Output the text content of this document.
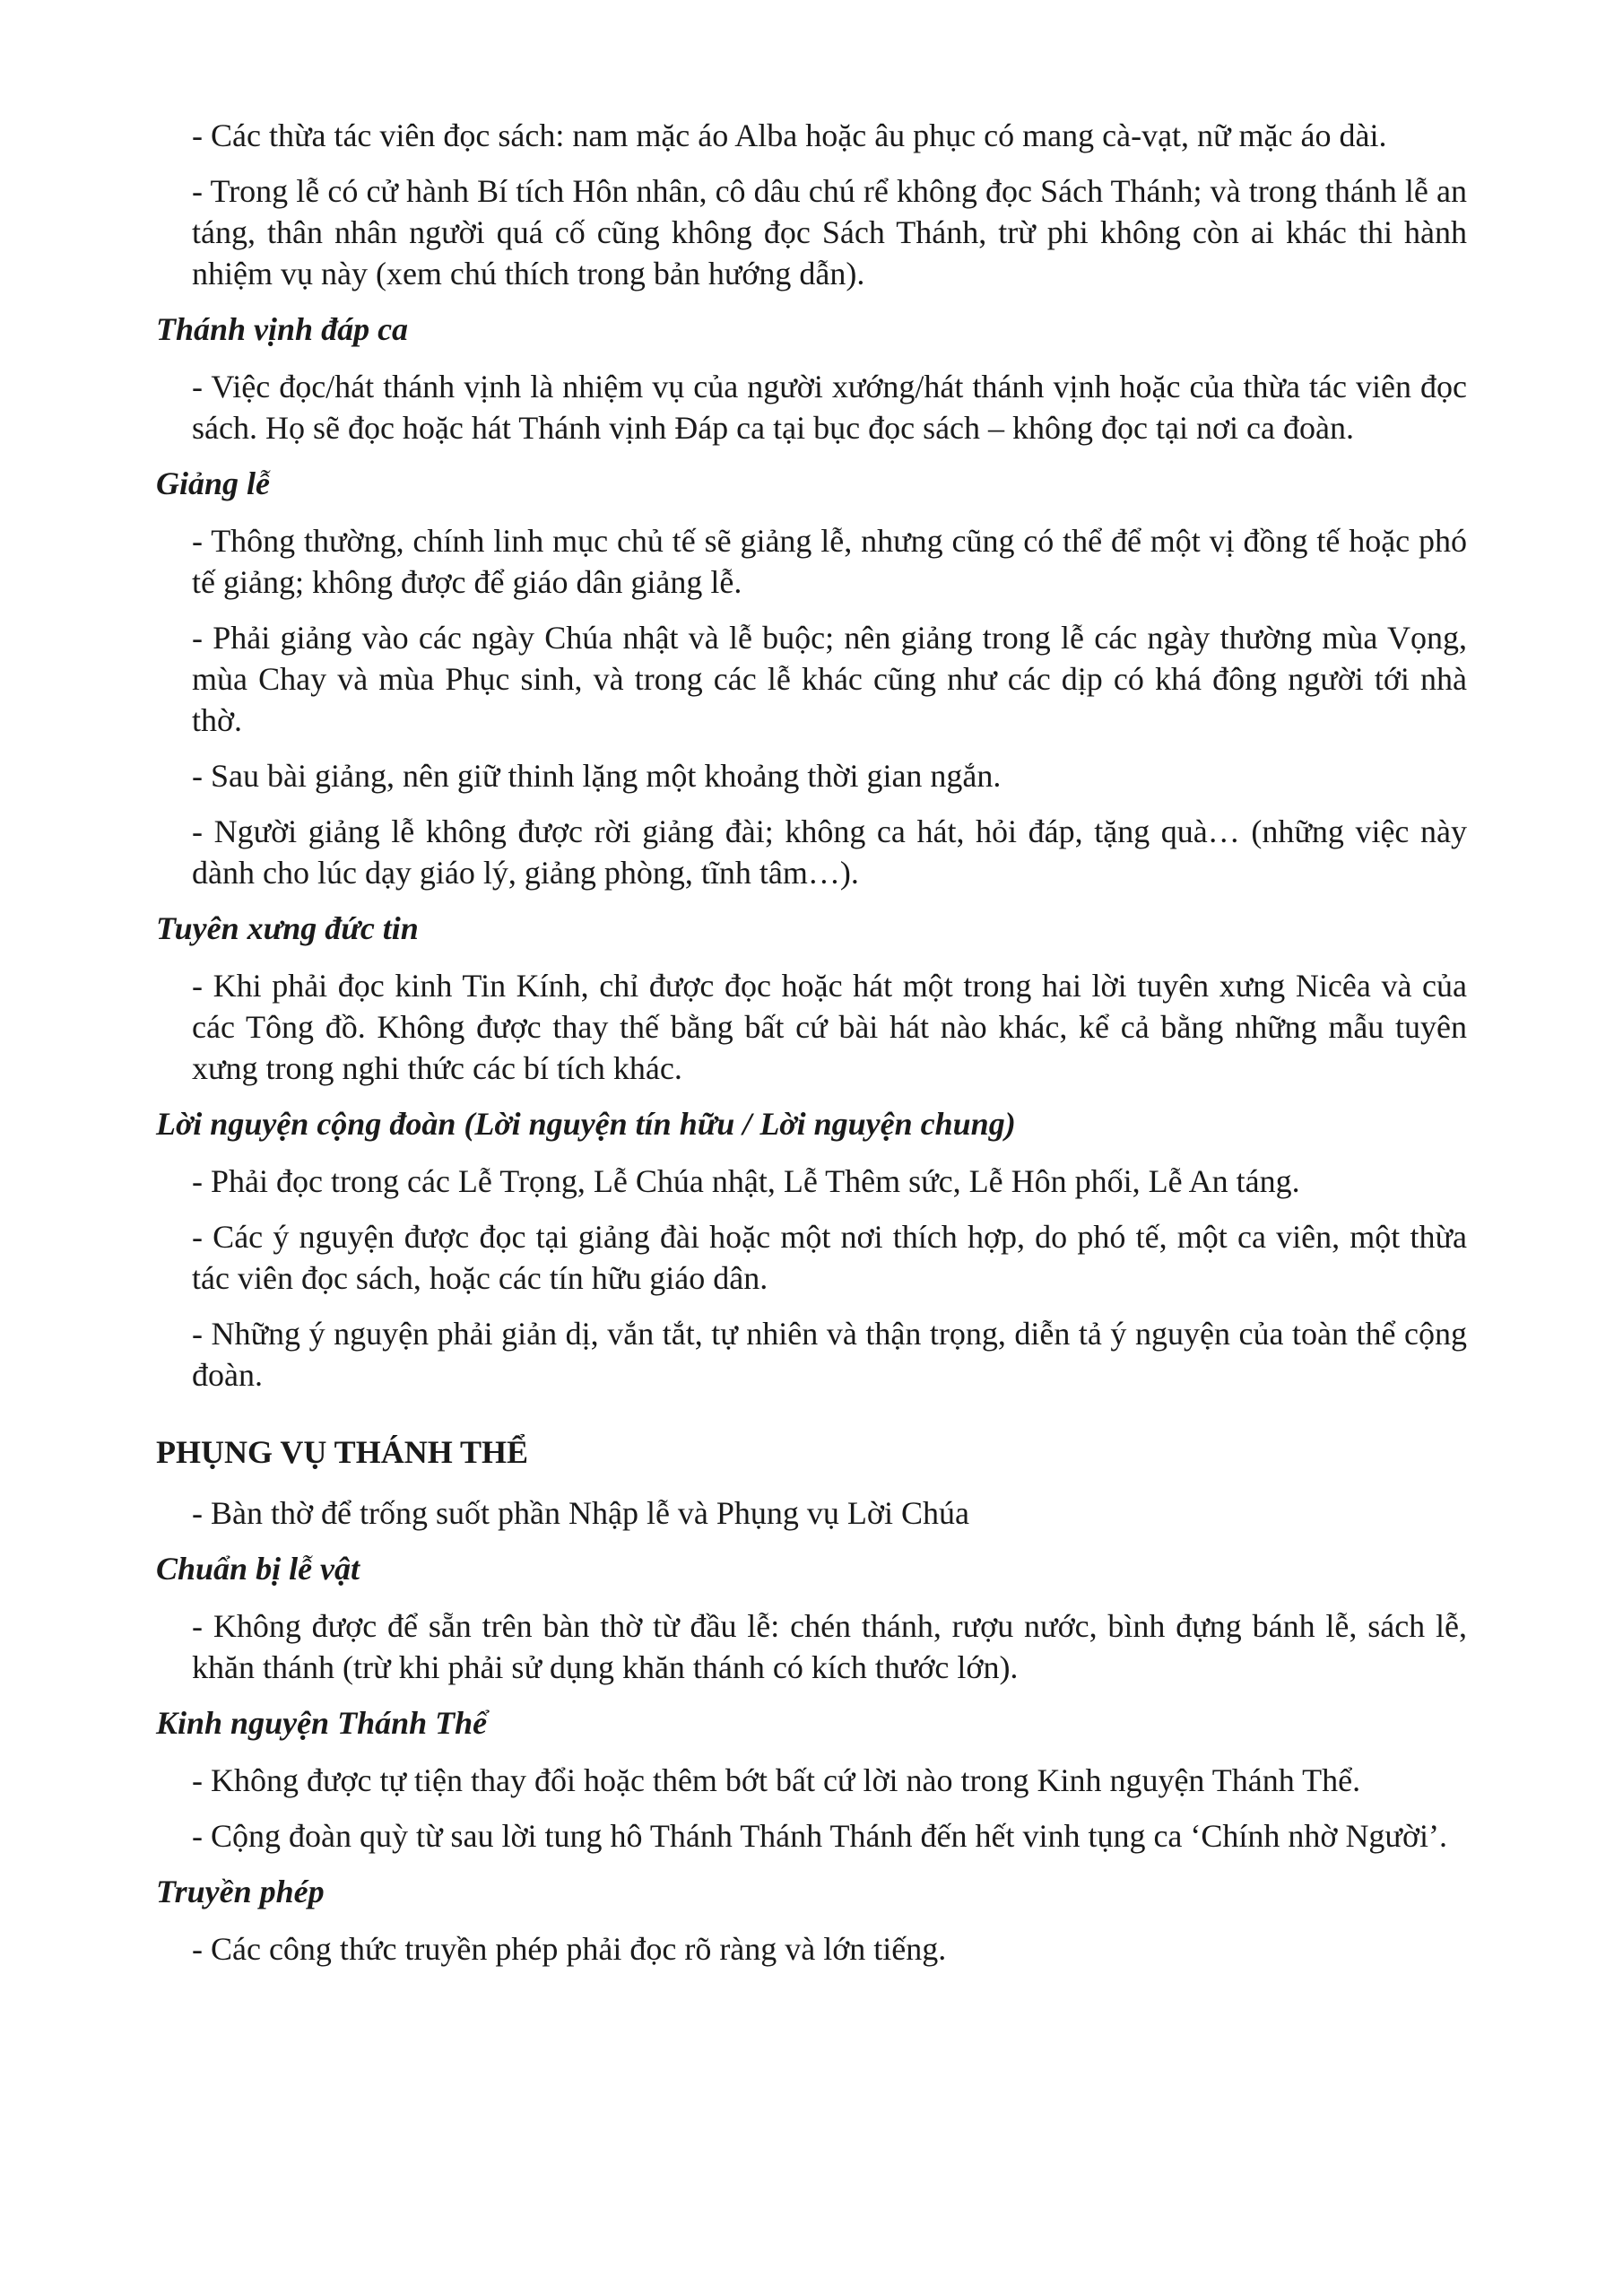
- Các thừa tác viên đọc sách: nam mặc áo Alba hoặc âu phục có mang cà-vạt, nữ mặc áo dài.

- Trong lễ có cử hành Bí tích Hôn nhân, cô dâu chú rể không đọc Sách Thánh; và trong thánh lễ an táng, thân nhân người quá cố cũng không đọc Sách Thánh, trừ phi không còn ai khác thi hành nhiệm vụ này (xem chú thích trong bản hướng dẫn).

Thánh vịnh đáp ca

- Việc đọc/hát thánh vịnh là nhiệm vụ của người xướng/hát thánh vịnh hoặc của thừa tác viên đọc sách. Họ sẽ đọc hoặc hát Thánh vịnh Đáp ca tại bục đọc sách – không đọc tại nơi ca đoàn.

Giảng lễ

- Thông thường, chính linh mục chủ tế sẽ giảng lễ, nhưng cũng có thể để một vị đồng tế hoặc phó tế giảng; không được để giáo dân giảng lễ.

- Phải giảng vào các ngày Chúa nhật và lễ buộc; nên giảng trong lễ các ngày thường mùa Vọng, mùa Chay và mùa Phục sinh, và trong các lễ khác cũng như các dịp có khá đông người tới nhà thờ.

- Sau bài giảng, nên giữ thinh lặng một khoảng thời gian ngắn.

- Người giảng lễ không được rời giảng đài; không ca hát, hỏi đáp, tặng quà… (những việc này dành cho lúc dạy giáo lý, giảng phòng, tĩnh tâm…).

Tuyên xưng đức tin

- Khi phải đọc kinh Tin Kính, chỉ được đọc hoặc hát một trong hai lời tuyên xưng Nicêa và của các Tông đồ. Không được thay thế bằng bất cứ bài hát nào khác, kể cả bằng những mẫu tuyên xưng trong nghi thức các bí tích khác.

Lời nguyện cộng đoàn (Lời nguyện tín hữu / Lời nguyện chung)

- Phải đọc trong các Lễ Trọng, Lễ Chúa nhật, Lễ Thêm sức, Lễ Hôn phối, Lễ An táng.

- Các ý nguyện được đọc tại giảng đài hoặc một nơi thích hợp, do phó tế, một ca viên, một thừa tác viên đọc sách, hoặc các tín hữu giáo dân.

- Những ý nguyện phải giản dị, vắn tắt, tự nhiên và thận trọng, diễn tả ý nguyện của toàn thể cộng đoàn.

PHỤNG VỤ THÁNH THỂ

- Bàn thờ để trống suốt phần Nhập lễ và Phụng vụ Lời Chúa

Chuẩn bị lễ vật

- Không được để sẵn trên bàn thờ từ đầu lễ: chén thánh, rượu nước, bình đựng bánh lễ, sách lễ, khăn thánh (trừ khi phải sử dụng khăn thánh có kích thước lớn).

Kinh nguyện Thánh Thể

- Không được tự tiện thay đổi hoặc thêm bớt bất cứ lời nào trong Kinh nguyện Thánh Thể.

- Cộng đoàn quỳ từ sau lời tung hô Thánh Thánh Thánh đến hết vinh tụng ca ‘Chính nhờ Người’.

Truyền phép

- Các công thức truyền phép phải đọc rõ ràng và lớn tiếng.
